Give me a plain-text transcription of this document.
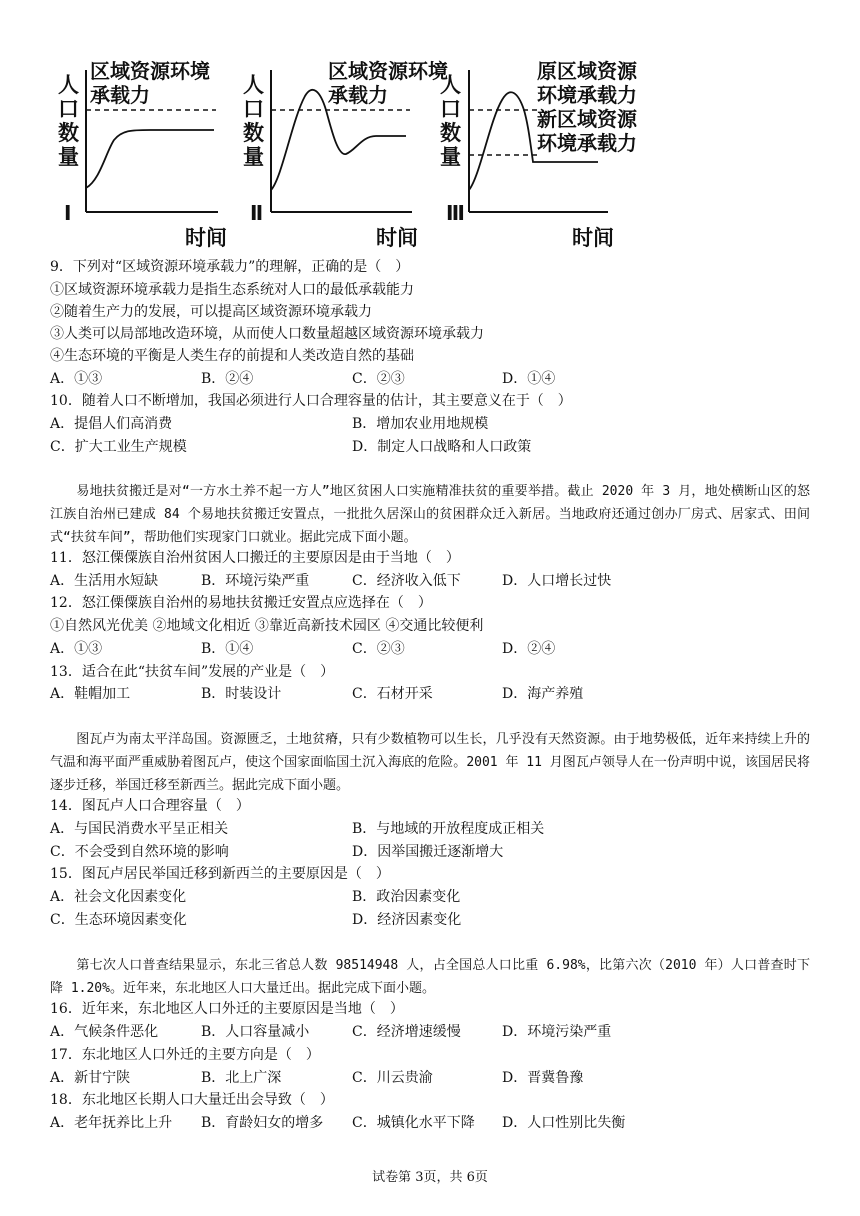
人
口
数
量
区域资源环境
承载力
Ⅰ
时间
人
口
数
量
区域资源环境
承载力
Ⅱ
时间
人
口
数
量
原区域资源
环境承载力
新区域资源
环境承载力
Ⅲ
时间
9．下列对“区域资源环境承载力”的理解，正确的是（　）
①区域资源环境承载力是指生态系统对人口的最低承载能力
②随着生产力的发展，可以提高区域资源环境承载力
③人类可以局部地改造环境，从而使人口数量超越区域资源环境承载力
④生态环境的平衡是人类生存的前提和人类改造自然的基础
A．①③	B．②④	C．②③	D．①④
10．随着人口不断增加，我国必须进行人口合理容量的估计，其主要意义在于（　）
A．提倡人们高消费	B．增加农业用地规模
C．扩大工业生产规模	D．制定人口战略和人口政策

　　易地扶贫搬迁是对“一方水土养不起一方人”地区贫困人口实施精准扶贫的重要举措。截止 2020 年 3 月，地处横断山区的怒江族自治州已建成 84 个易地扶贫搬迁安置点，一批批久居深山的贫困群众迁入新居。当地政府还通过创办厂房式、居家式、田间式“扶贫车间”，帮助他们实现家门口就业。据此完成下面小题。

11．怒江傈僳族自治州贫困人口搬迁的主要原因是由于当地（　）
A．生活用水短缺	B．环境污染严重	C．经济收入低下	D．人口增长过快
12．怒江傈僳族自治州的易地扶贫搬迁安置点应选择在（　）
①自然风光优美 ②地域文化相近 ③靠近高新技术园区 ④交通比较便利
A．①③	B．①④	C．②③	D．②④
13．适合在此“扶贫车间”发展的产业是（　）
A．鞋帽加工	B．时装设计	C．石材开采	D．海产养殖

　　图瓦卢为南太平洋岛国。资源匮乏，土地贫瘠，只有少数植物可以生长，几乎没有天然资源。由于地势极低，近年来持续上升的气温和海平面严重威胁着图瓦卢，使这个国家面临国土沉入海底的危险。2001 年 11 月图瓦卢领导人在一份声明中说，该国居民将逐步迁移，举国迁移至新西兰。据此完成下面小题。

14．图瓦卢人口合理容量（　）
A．与国民消费水平呈正相关	B．与地域的开放程度成正相关
C．不会受到自然环境的影响	D．因举国搬迁逐渐增大
15．图瓦卢居民举国迁移到新西兰的主要原因是（　）
A．社会文化因素变化	B．政治因素变化
C．生态环境因素变化	D．经济因素变化

　　第七次人口普查结果显示，东北三省总人数 98514948 人，占全国总人口比重 6.98%，比第六次（2010 年）人口普查时下降 1.20%。近年来，东北地区人口大量迁出。据此完成下面小题。

16．近年来，东北地区人口外迁的主要原因是当地（　）
A．气候条件恶化	B．人口容量减小	C．经济增速缓慢	D．环境污染严重
17．东北地区人口外迁的主要方向是（　）
A．新甘宁陕	B．北上广深	C．川云贵渝	D．晋冀鲁豫
18．东北地区长期人口大量迁出会导致（　）
A．老年抚养比上升 B．育龄妇女的增多 C．城镇化水平下降 D．人口性别比失衡
试卷第 3页，共 6页
